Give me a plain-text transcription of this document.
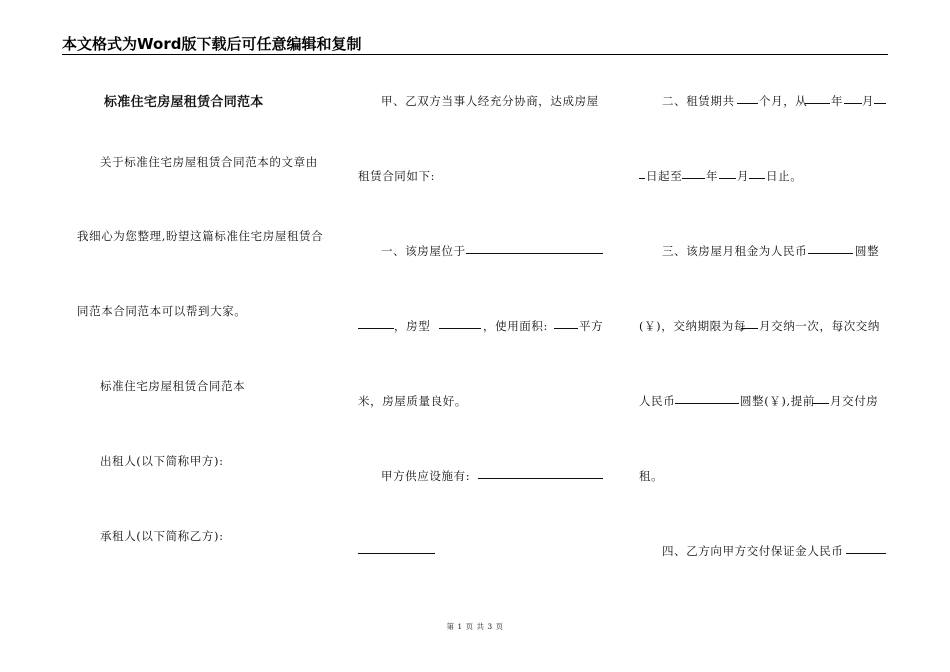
本文格式为Word版下载后可任意编辑和复制
标准住宅房屋租赁合同范本
关于标准住宅房屋租赁合同范本的文章由
我细心为您整理,盼望这篇标准住宅房屋租赁合
同范本合同范本可以帮到大家。
标准住宅房屋租赁合同范本
出租人(以下简称甲方):
承租人(以下简称乙方):
甲、乙双方当事人经充分协商，达成房屋
租赁合同如下:
一、该房屋位于
，房型	，使用面积:	平方
米，房屋质量良好。
甲方供应设施有:
二、租赁期共 个月，从 年 月
日起至 年 月 日止。
三、该房屋月租金为人民币	圆整
(￥)，交纳期限为每 月交纳一次，每次交纳
人民币	圆整(￥),提前 月交付房
租。
四、乙方向甲方交付保证金人民币
第 1 页 共 3 页
